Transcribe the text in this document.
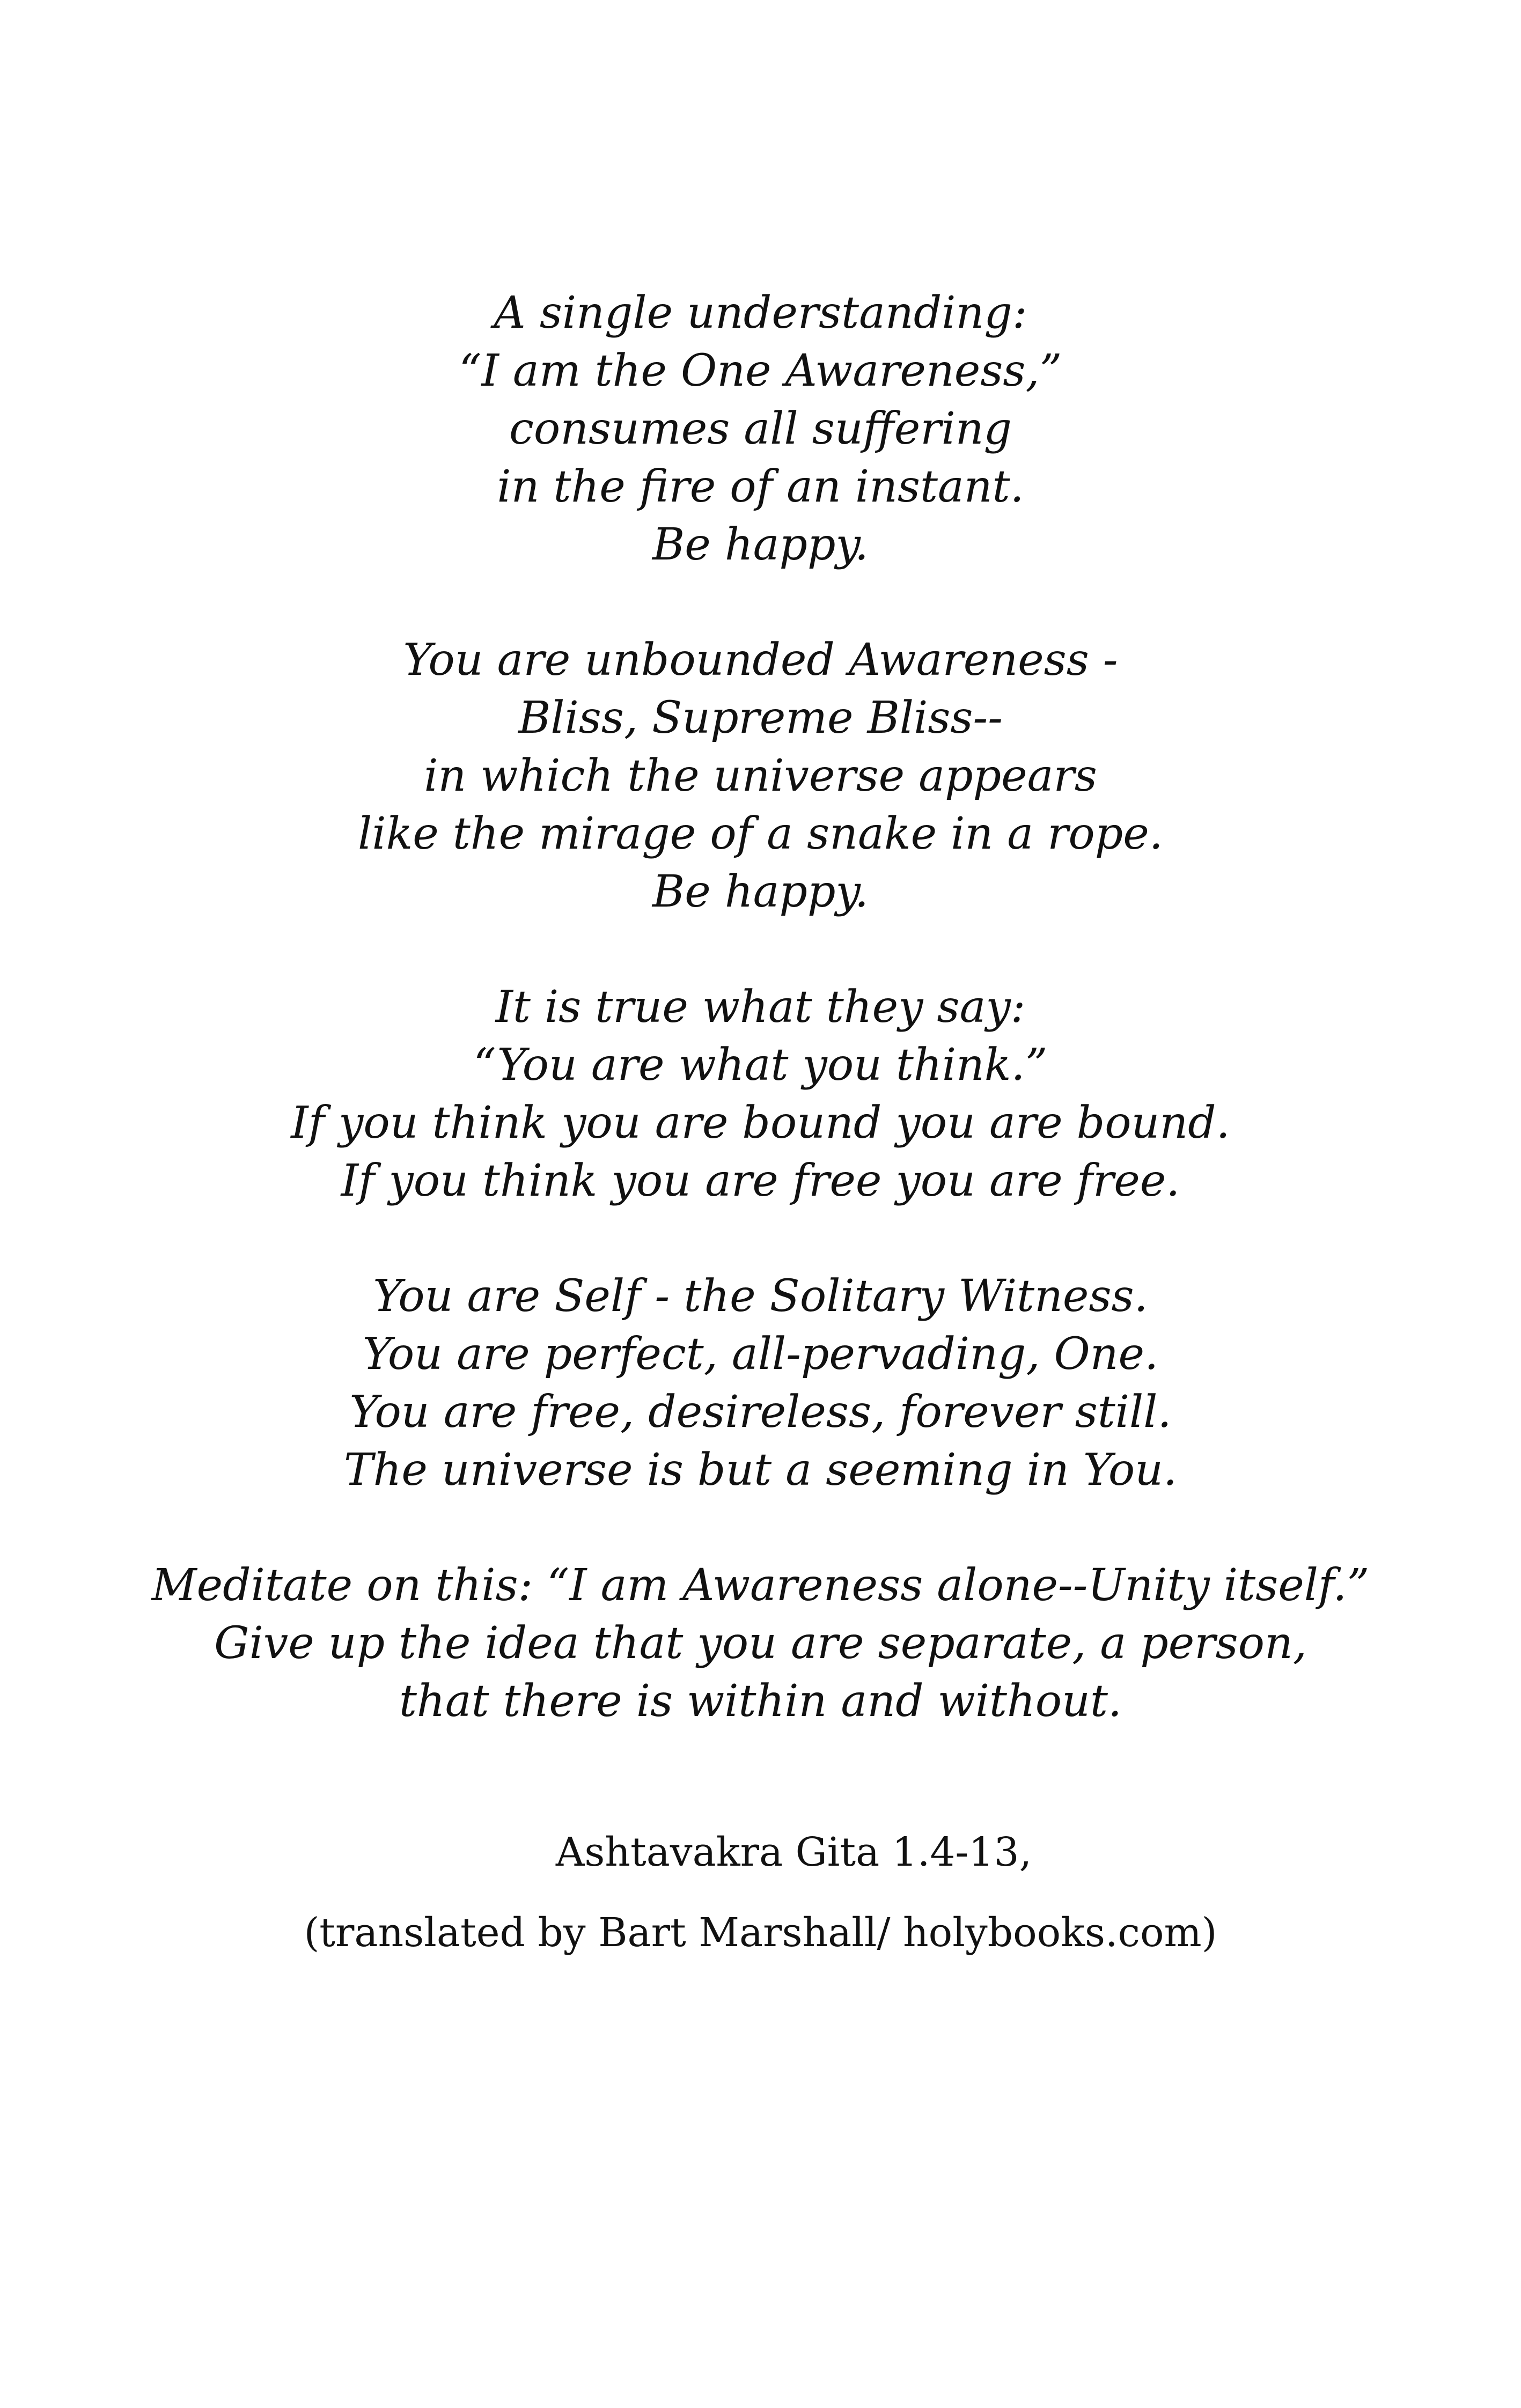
A single understanding:
“I am the One Awareness,”
consumes all suffering
in the fire of an instant.
Be happy.
You are unbounded Awareness -
Bliss, Supreme Bliss--
in which the universe appears
like the mirage of a snake in a rope.
Be happy.
It is true what they say:
“You are what you think.”
If you think you are bound you are bound.
If you think you are free you are free.
You are Self - the Solitary Witness.
You are perfect, all-pervading, One.
You are free, desireless, forever still.
The universe is but a seeming in You.
Meditate on this: “I am Awareness alone--Unity itself.”
Give up the idea that you are separate, a person,
that there is within and without.
Ashtavakra Gita 1.4-13,
(translated by Bart Marshall/ holybooks.com)
